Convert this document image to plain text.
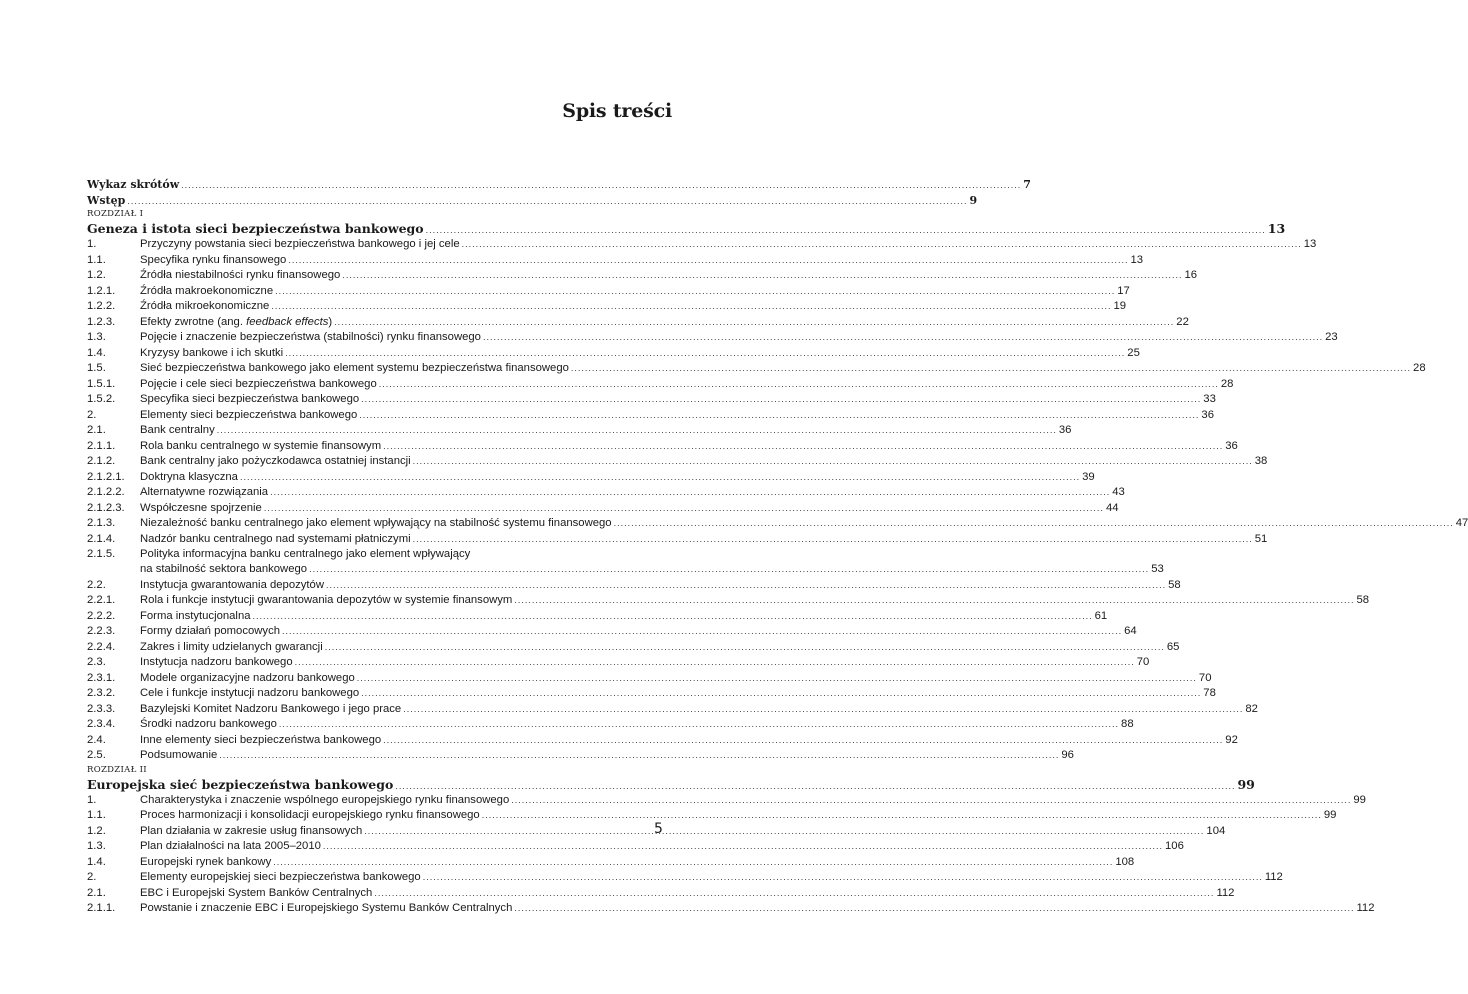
Spis treści
Wykaz skrótów .....	7
Wstęp .....	9
ROZDZIAŁ I
Geneza i istota sieci bezpieczeństwa bankowego .....	13
1.	Przyczyny powstania sieci bezpieczeństwa bankowego i jej cele .....	13
1.1.	Specyfika rynku finansowego .....	13
1.2.	Źródła niestabilności rynku finansowego .....	16
1.2.1.	Źródła makroekonomiczne .....	17
1.2.2.	Źródła mikroekonomiczne .....	19
1.2.3.	Efekty zwrotne (ang. feedback effects) .....	22
1.3.	Pojęcie i znaczenie bezpieczeństwa (stabilności) rynku finansowego .....	23
1.4.	Kryzysy bankowe i ich skutki .....	25
1.5.	Sieć bezpieczeństwa bankowego jako element systemu bezpieczeństwa finansowego .....	28
1.5.1.	Pojęcie i cele sieci bezpieczeństwa bankowego .....	28
1.5.2.	Specyfika sieci bezpieczeństwa bankowego .....	33
2.	Elementy sieci bezpieczeństwa bankowego .....	36
2.1.	Bank centralny .....	36
2.1.1.	Rola banku centralnego w systemie finansowym .....	36
2.1.2.	Bank centralny jako pożyczkodawca ostatniej instancji .....	38
2.1.2.1.	Doktryna klasyczna .....	39
2.1.2.2.	Alternatywne rozwiązania .....	43
2.1.2.3.	Współczesne spojrzenie .....	44
2.1.3.	Niezależność banku centralnego jako element wpływający na stabilność systemu finansowego .....	47
2.1.4.	Nadzór banku centralnego nad systemami płatniczymi .....	51
2.1.5.	Polityka informacyjna banku centralnego jako element wpływający
na stabilność sektora bankowego .....	53
2.2.	Instytucja gwarantowania depozytów .....	58
2.2.1.	Rola i funkcje instytucji gwarantowania depozytów w systemie finansowym .....	58
2.2.2.	Forma instytucjonalna .....	61
2.2.3.	Formy działań pomocowych .....	64
2.2.4.	Zakres i limity udzielanych gwarancji .....	65
2.3.	Instytucja nadzoru bankowego .....	70
2.3.1.	Modele organizacyjne nadzoru bankowego .....	70
2.3.2.	Cele i funkcje instytucji nadzoru bankowego .....	78
2.3.3.	Bazylejski Komitet Nadzoru Bankowego i jego prace .....	82
2.3.4.	Środki nadzoru bankowego .....	88
2.4.	Inne elementy sieci bezpieczeństwa bankowego .....	92
2.5.	Podsumowanie .....	96
ROZDZIAŁ II
Europejska sieć bezpieczeństwa bankowego .....	99
1.	Charakterystyka i znaczenie wspólnego europejskiego rynku finansowego .....	99
1.1.	Proces harmonizacji i konsolidacji europejskiego rynku finansowego .....	99
1.2.	Plan działania w zakresie usług finansowych .....	104
1.3.	Plan działalności na lata 2005–2010 .....	106
1.4.	Europejski rynek bankowy .....	108
2.	Elementy europejskiej sieci bezpieczeństwa bankowego .....	112
2.1.	EBC i Europejski System Banków Centralnych .....	112
2.1.1.	Powstanie i znaczenie EBC i Europejskiego Systemu Banków Centralnych .....	112
5
